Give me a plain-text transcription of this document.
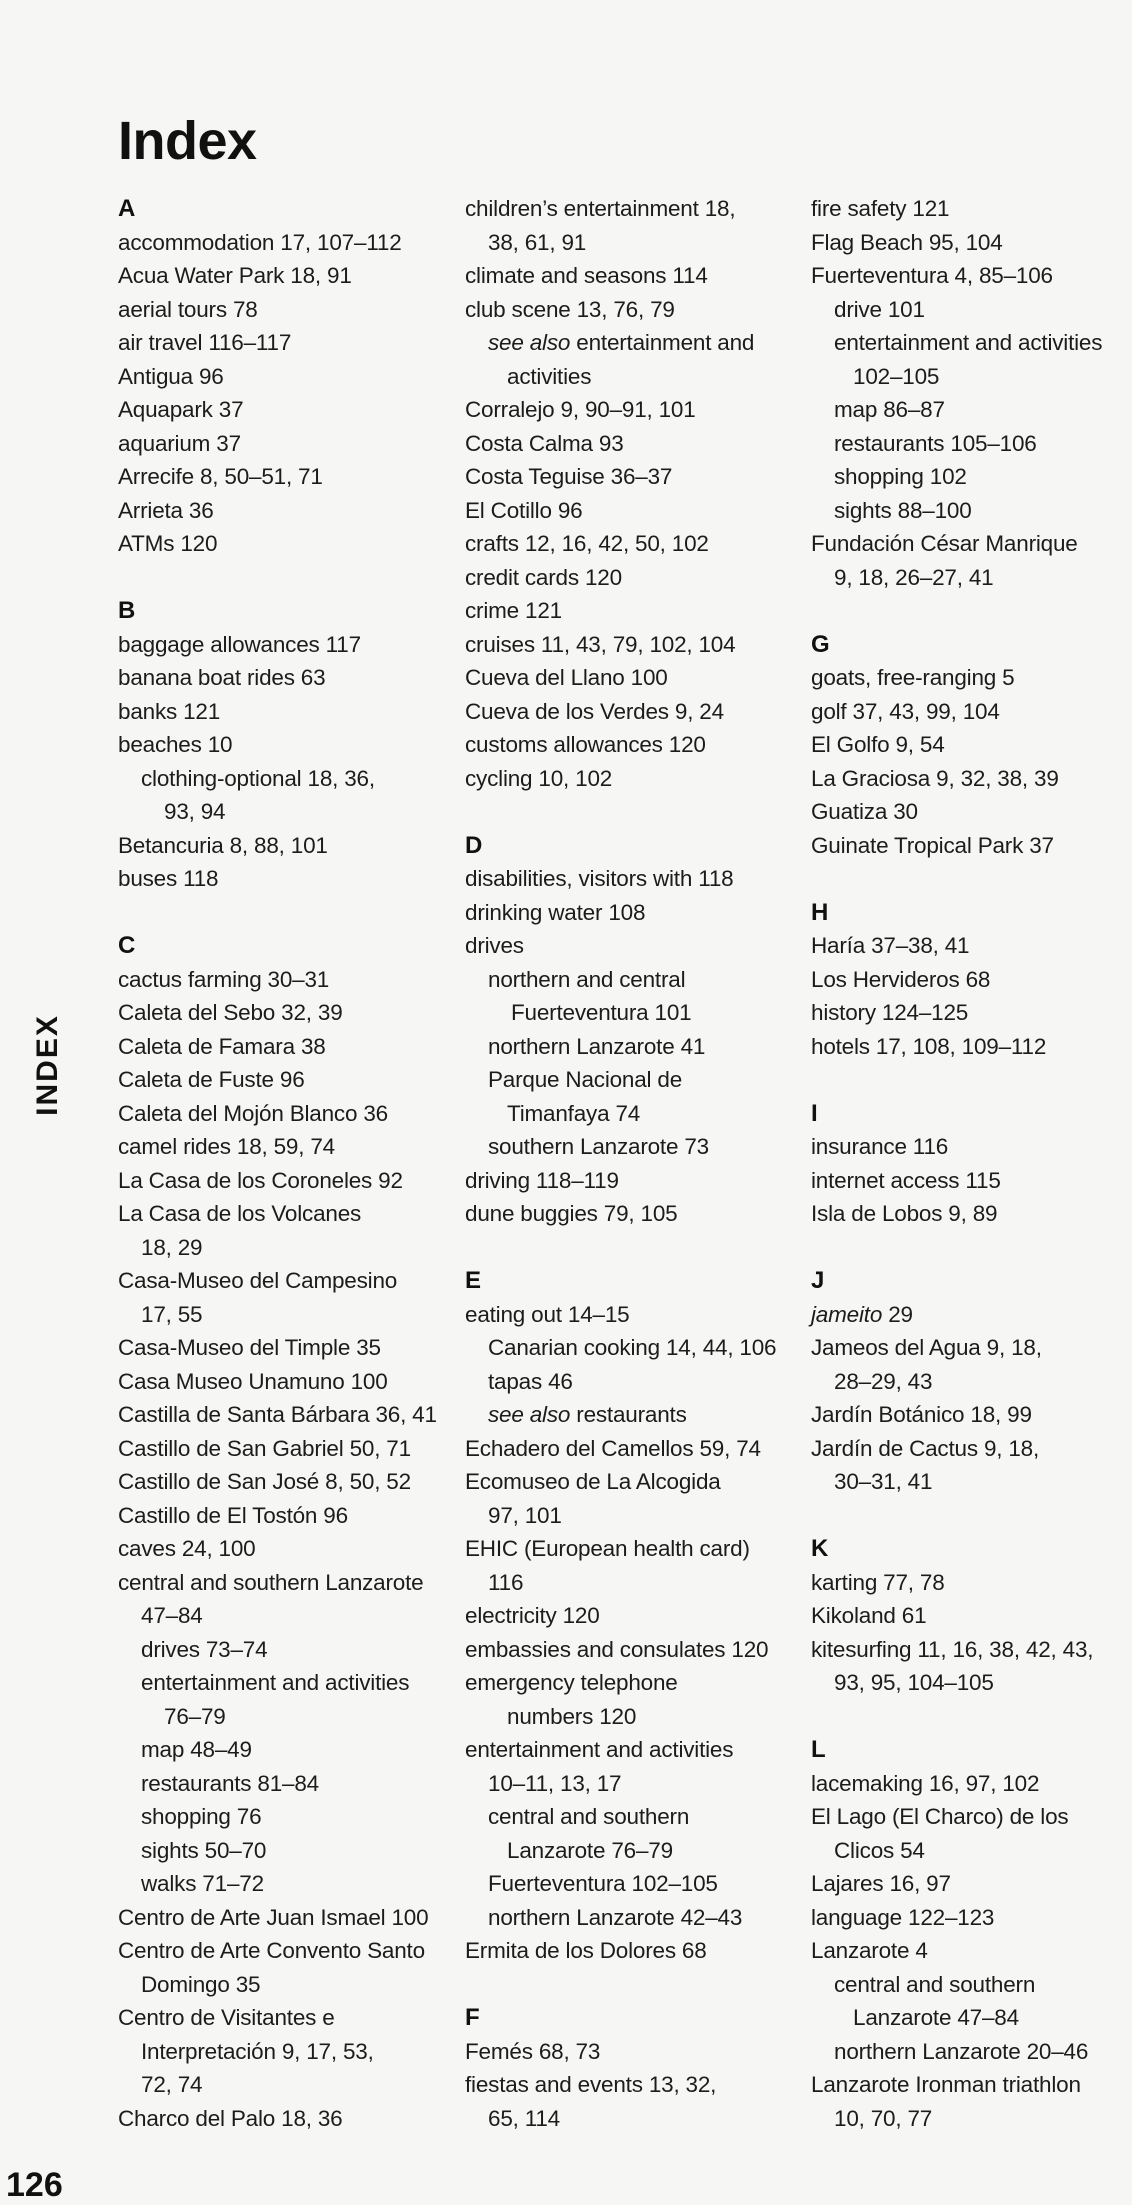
Index
INDEX
126
A
accommodation 17, 107–112
Acua Water Park 18, 91
aerial tours 78
air travel 116–117
Antigua 96
Aquapark 37
aquarium 37
Arrecife 8, 50–51, 71
Arrieta 36
ATMs 120
B
baggage allowances 117
banana boat rides 63
banks 121
beaches 10
clothing-optional 18, 36,
93, 94
Betancuria 8, 88, 101
buses 118
C
cactus farming 30–31
Caleta del Sebo 32, 39
Caleta de Famara 38
Caleta de Fuste 96
Caleta del Mojón Blanco 36
camel rides 18, 59, 74
La Casa de los Coroneles 92
La Casa de los Volcanes
18, 29
Casa-Museo del Campesino
17, 55
Casa-Museo del Timple 35
Casa Museo Unamuno 100
Castilla de Santa Bárbara 36, 41
Castillo de San Gabriel 50, 71
Castillo de San José 8, 50, 52
Castillo de El Tostón 96
caves 24, 100
central and southern Lanzarote
47–84
drives 73–74
entertainment and activities
76–79
map 48–49
restaurants 81–84
shopping 76
sights 50–70
walks 71–72
Centro de Arte Juan Ismael 100
Centro de Arte Convento Santo
Domingo 35
Centro de Visitantes e
Interpretación 9, 17, 53,
72, 74
Charco del Palo 18, 36
children’s entertainment 18,
38, 61, 91
climate and seasons 114
club scene 13, 76, 79
see also entertainment and
activities
Corralejo 9, 90–91, 101
Costa Calma 93
Costa Teguise 36–37
El Cotillo 96
crafts 12, 16, 42, 50, 102
credit cards 120
crime 121
cruises 11, 43, 79, 102, 104
Cueva del Llano 100
Cueva de los Verdes 9, 24
customs allowances 120
cycling 10, 102
D
disabilities, visitors with 118
drinking water 108
drives
northern and central
Fuerteventura 101
northern Lanzarote 41
Parque Nacional de
Timanfaya 74
southern Lanzarote 73
driving 118–119
dune buggies 79, 105
E
eating out 14–15
Canarian cooking 14, 44, 106
tapas 46
see also restaurants
Echadero del Camellos 59, 74
Ecomuseo de La Alcogida
97, 101
EHIC (European health card)
116
electricity 120
embassies and consulates 120
emergency telephone
numbers 120
entertainment and activities
10–11, 13, 17
central and southern
Lanzarote 76–79
Fuerteventura 102–105
northern Lanzarote 42–43
Ermita de los Dolores 68
F
Femés 68, 73
fiestas and events 13, 32,
65, 114
fire safety 121
Flag Beach 95, 104
Fuerteventura 4, 85–106
drive 101
entertainment and activities
102–105
map 86–87
restaurants 105–106
shopping 102
sights 88–100
Fundación César Manrique
9, 18, 26–27, 41
G
goats, free-ranging 5
golf 37, 43, 99, 104
El Golfo 9, 54
La Graciosa 9, 32, 38, 39
Guatiza 30
Guinate Tropical Park 37
H
Haría 37–38, 41
Los Hervideros 68
history 124–125
hotels 17, 108, 109–112
I
insurance 116
internet access 115
Isla de Lobos 9, 89
J
jameito 29
Jameos del Agua 9, 18,
28–29, 43
Jardín Botánico 18, 99
Jardín de Cactus 9, 18,
30–31, 41
K
karting 77, 78
Kikoland 61
kitesurfing 11, 16, 38, 42, 43,
93, 95, 104–105
L
lacemaking 16, 97, 102
El Lago (El Charco) de los
Clicos 54
Lajares 16, 97
language 122–123
Lanzarote 4
central and southern
Lanzarote 47–84
northern Lanzarote 20–46
Lanzarote Ironman triathlon
10, 70, 77
